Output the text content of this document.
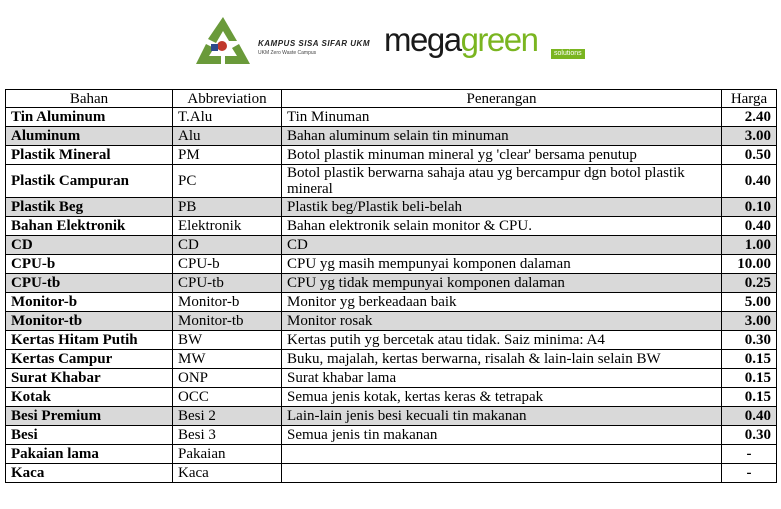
KAMPUS SISA SIFAR UKM
UKM Zero Waste Campus megagreen	solutions
Bahan	Abbreviation	Penerangan	Harga
Tin Aluminum	T.Alu	Tin Minuman	2.40
Aluminum	Alu	Bahan aluminum selain tin minuman	3.00
Plastik Mineral	PM	Botol plastik minuman mineral yg 'clear' bersama penutup	0.50
Plastik Campuran	PC	Botol plastik berwarna sahaja atau yg bercampur dgn botol plastik mineral	0.40
Plastik Beg	PB	Plastik beg/Plastik beli-belah	0.10
Bahan Elektronik	Elektronik	Bahan elektronik selain monitor & CPU.	0.40
CD	CD	CD	1.00
CPU-b	CPU-b	CPU yg masih mempunyai komponen dalaman	10.00
CPU-tb	CPU-tb	CPU yg tidak mempunyai komponen dalaman	0.25
Monitor-b	Monitor-b	Monitor yg berkeadaan baik	5.00
Monitor-tb	Monitor-tb	Monitor rosak	3.00
Kertas Hitam Putih	BW	Kertas putih yg bercetak atau tidak. Saiz minima: A4	0.30
Kertas Campur	MW	Buku, majalah, kertas berwarna, risalah & lain-lain selain BW	0.15
Surat Khabar	ONP	Surat khabar lama	0.15
Kotak	OCC	Semua jenis kotak, kertas keras & tetrapak	0.15
Besi Premium	Besi 2	Lain-lain jenis besi kecuali tin makanan	0.40
Besi	Besi 3	Semua jenis tin makanan	0.30
Pakaian lama	Pakaian		-
Kaca	Kaca		-
